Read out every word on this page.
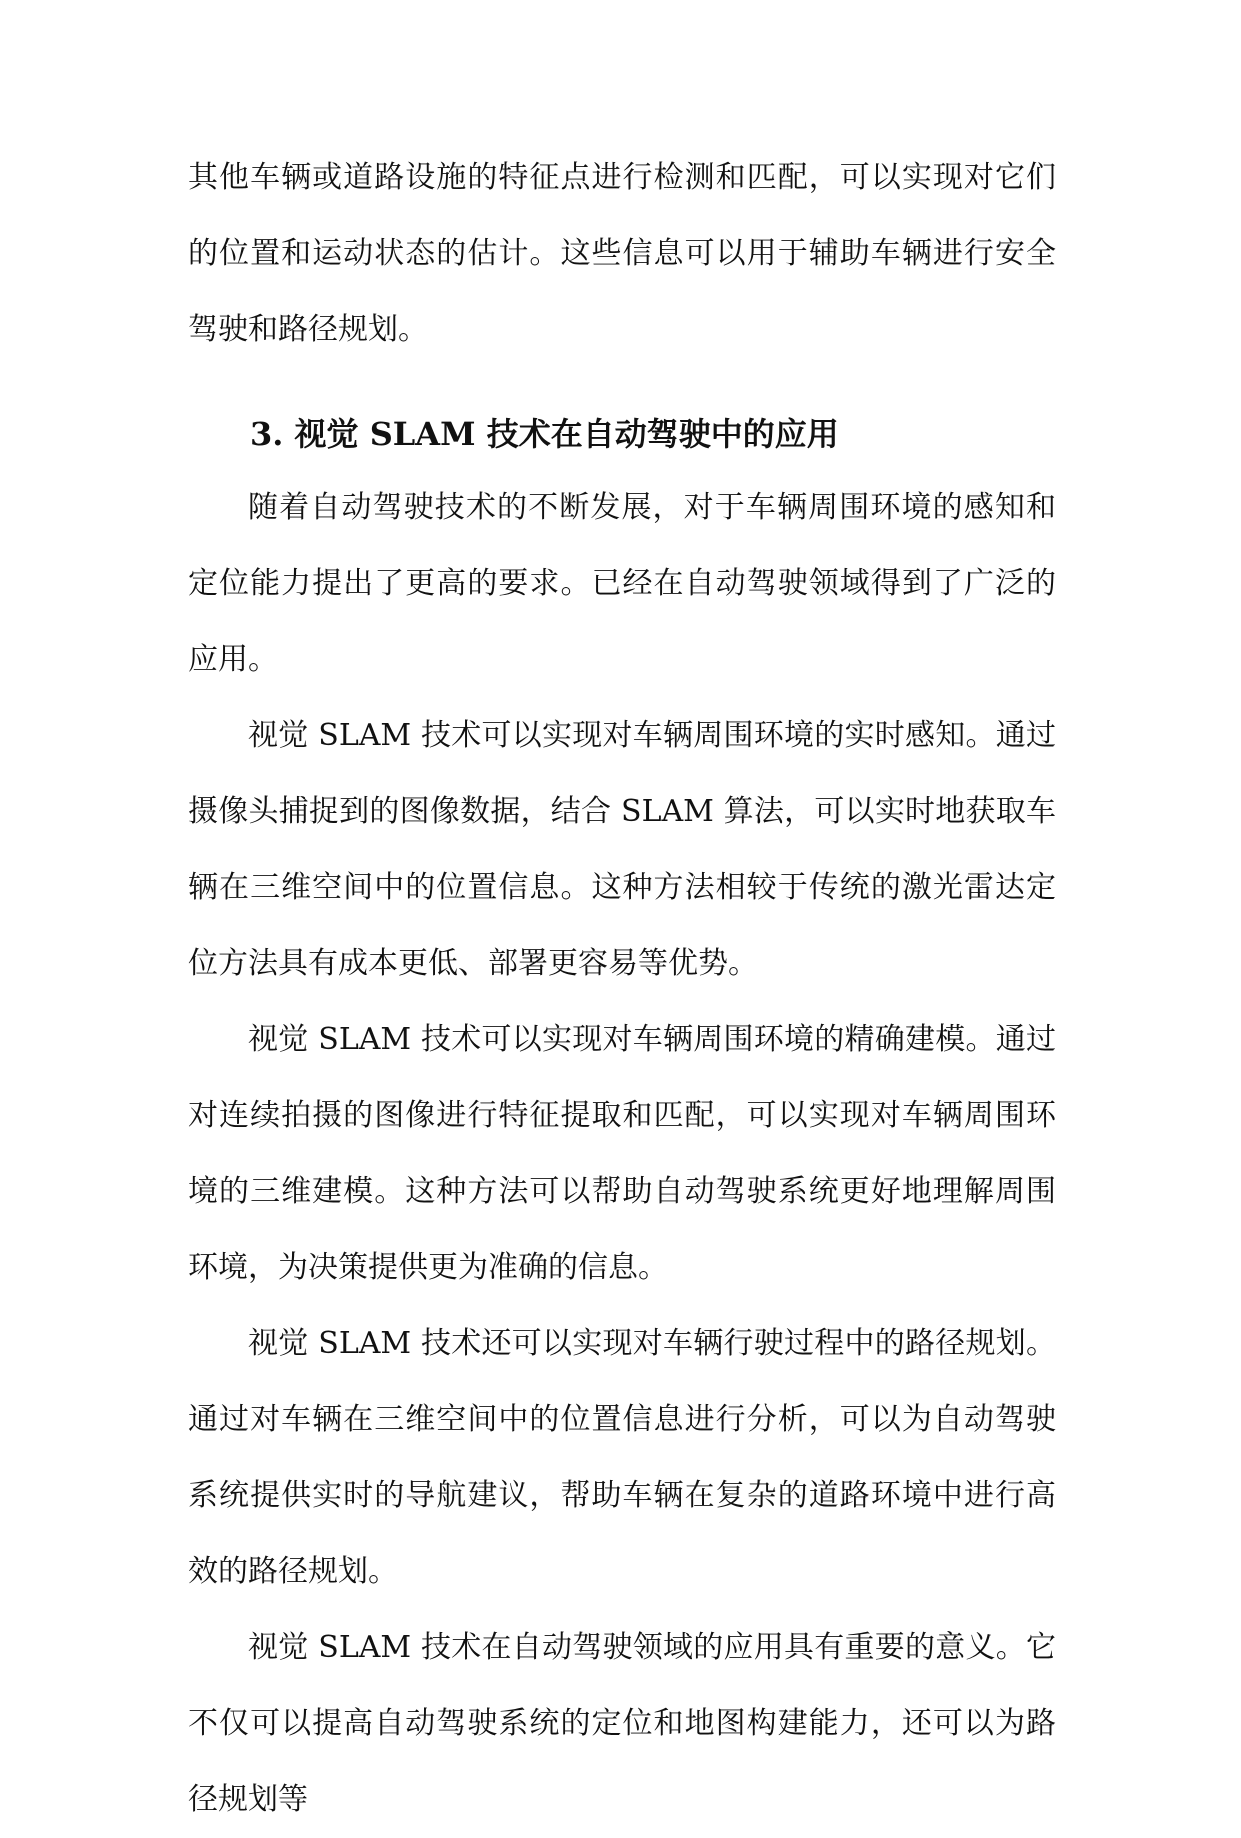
其他车辆或道路设施的特征点进行检测和匹配，可以实现对它们的位置和运动状态的估计。这些信息可以用于辅助车辆进行安全驾驶和路径规划。

3. 视觉 SLAM 技术在自动驾驶中的应用

随着自动驾驶技术的不断发展，对于车辆周围环境的感知和定位能力提出了更高的要求。已经在自动驾驶领域得到了广泛的应用。

视觉 SLAM 技术可以实现对车辆周围环境的实时感知。通过摄像头捕捉到的图像数据，结合 SLAM 算法，可以实时地获取车辆在三维空间中的位置信息。这种方法相较于传统的激光雷达定位方法具有成本更低、部署更容易等优势。

视觉 SLAM 技术可以实现对车辆周围环境的精确建模。通过对连续拍摄的图像进行特征提取和匹配，可以实现对车辆周围环境的三维建模。这种方法可以帮助自动驾驶系统更好地理解周围环境，为决策提供更为准确的信息。

视觉 SLAM 技术还可以实现对车辆行驶过程中的路径规划。通过对车辆在三维空间中的位置信息进行分析，可以为自动驾驶系统提供实时的导航建议，帮助车辆在复杂的道路环境中进行高效的路径规划。

视觉 SLAM 技术在自动驾驶领域的应用具有重要的意义。它不仅可以提高自动驾驶系统的定位和地图构建能力，还可以为路径规划等
